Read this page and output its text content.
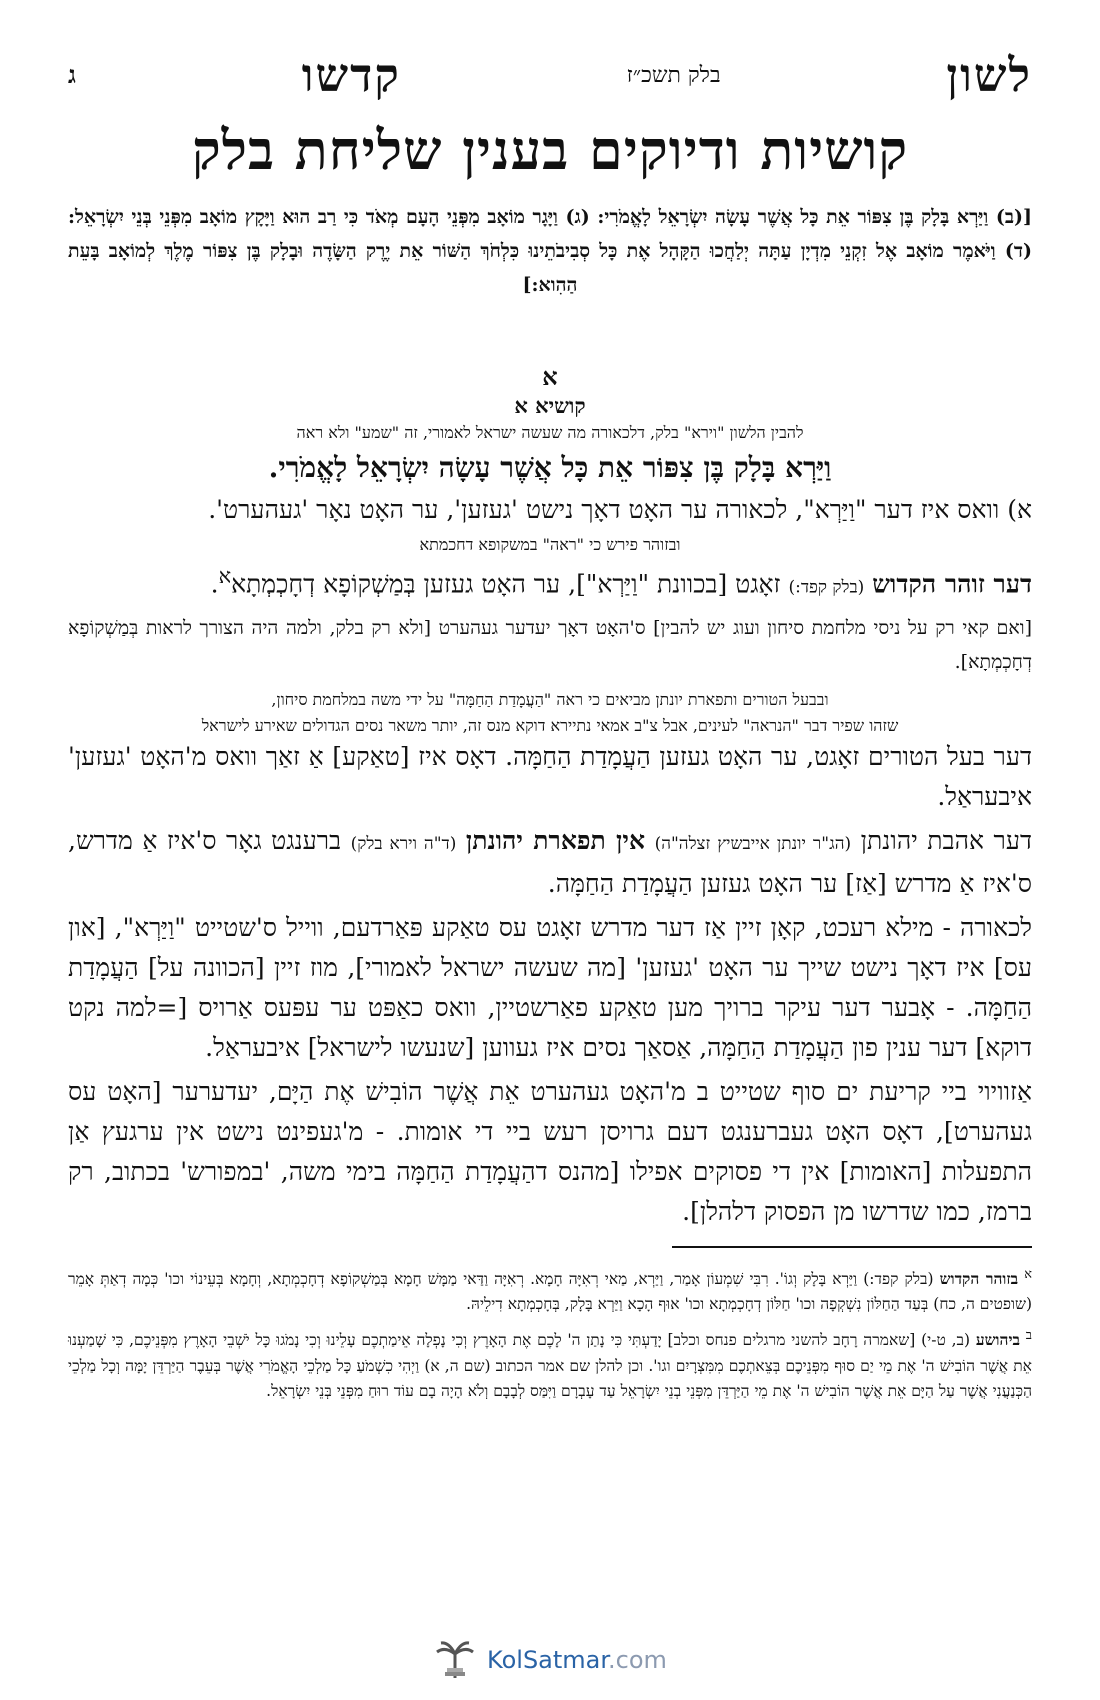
לשון
בלק תשכ״ז
קדשו
ג
קושיות ודיוקים בענין שליחת בלק
[(ב) וַיַּרְא בָּלָק בֶּן צִפּוֹר אֵת כָּל אֲשֶׁר עָשָׂה יִשְׂרָאֵל לָאֱמֹרִי: (ג) וַיָּגָר מוֹאָב מִפְּנֵי הָעָם מְאֹד כִּי רַב הוּא וַיָּקָץ מוֹאָב מִפְּנֵי בְּנֵי יִשְׂרָאֵל: (ד) וַיֹּאמֶר מוֹאָב אֶל זִקְנֵי מִדְיָן עַתָּה יְלַחֲכוּ הַקָּהָל אֶת כָּל סְבִיבֹתֵינוּ כִּלְחֹךְ הַשּׁוֹר אֵת יֶרֶק הַשָּׂדֶה וּבָלָק בֶּן צִפּוֹר מֶלֶךְ לְמוֹאָב בָּעֵת הַהִוא:]
א
קושיא א
להבין הלשון "וירא" בלק, דלכאורה מה שעשה ישראל לאמורי, זה "שמע" ולא ראה
וַיַּרְא בָּלָק בֶּן צִפּוֹר אֵת כָּל אֲשֶׁר עָשָׂה יִשְׂרָאֵל לָאֱמֹרִי.

א) וואס איז דער "וַיַּרְא", לכאורה ער האָט דאָך נישט 'געזען', ער האָט נאָר 'געהערט'.

ובזוהר פירש כי "ראה" במשקופא דחכמתא

דער זוהר הקדוש (בלק קפד:) זאָגט [בכוונת "וַיַּרְא"], ער האָט געזען בְּמַשְׁקוֹפָא דְחָכְמְתָא$^א$.

[ואם קאי רק על ניסי מלחמת סיחון ועוג יש להבין] ס'האָט דאָך יעדער געהערט [ולא רק בלק, ולמה היה הצורך לראות בְּמַשְׁקוֹפָא דְחָכְמְתָא].

ובבעל הטורים ותפארת יונתן מביאים כי ראה "הַעֲמָדַת הַחַמָּה" על ידי משה במלחמת סיחון,
שזהו שפיר דבר "הנראה" לעינים, אבל צ"ב אמאי נתיירא דוקא מנס זה, יותר משאר נסים הגדולים שאירע לישראל

דער בעל הטורים זאָגט, ער האָט געזען הַעֲמָדַת הַחַמָּה. דאָס איז [טאַקע] אַ זאַך וואס מ'האָט 'געזען' איבעראַל.

דער אהבת יהונתן (הג"ר יונתן אייבשיץ זצלה"ה) אין תפארת יהונתן (ד"ה וירא בלק) ברענגט גאָר ס'איז אַ מדרש, ס'איז אַ מדרש [אַז] ער האָט געזען הַעֲמָדַת הַחַמָּה.

לכאורה - מילא רעכט, קאָן זיין אַז דער מדרש זאָגט עס טאַקע פּאַרדעם, ווייל ס'שטייט "וַיַּרְא", [און עס] איז דאָך נישט שייך ער האָט 'געזען' [מה שעשה ישראל לאמורי], מוז זיין [הכוונה על] הַעֲמָדַת הַחַמָּה. - אָבער דער עיקר ברויך מען טאַקע פאַרשטיין, וואס כאַפּט ער עפּעס אַרויס [=למה נקט דוקא] דער ענין פון הַעֲמָדַת הַחַמָּה, אַסאַך נסים איז געווען [שנעשו לישראל] איבעראַל.

אַזוויוי ביי קריעת ים סוף שטייט ב מ'האָט געהערט אֵת אֲשֶׁר הוֹבִישׁ אֶת הַיָּם, יעדערער [האָט עס געהערט], דאָס האָט געברענגט דעם גרויסן רעש ביי די אומות. - מ'געפינט נישט אין ערגעץ אַן התפעלות [האומות] אין די פסוקים אפילו [מהנס דהַעֲמָדַת הַחַמָּה בימי משה, 'במפורש' בכתוב, רק ברמז, כמו שדרשו מן הפסוק דלהלן].

$^א$ בזוהר הקדוש (בלק קפד:) וַיַּרְא בָּלָק וְגוֹ'. רִבִּי שִׁמְעוֹן אָמַר, וַיַּרְא, מַאי רְאִיָּה חָמָא. רְאִיָּה וַדַּאי מַמָּשׁ חָמָא בְּמַשְׁקוֹפָא דְחָכְמְתָא, וְחָמָא בְּעֵינוֹי וכו' כְּמָה דְאַתְּ אָמֵר (שופטים ה, כח) בְּעַד הַחַלּוֹן נִשְׁקְפָה וכו' חַלּוֹן דְחָכְמְתָא וכו' אוּף הָכָא וַיַּרְא בָּלָק, בְּחָכְמְתָא דִילֵיהּ.

$^ב$ ביהושע (ב, ט-י) [שאמרה רָחָב להשני מרגלים פנחס וכלב] יָדַעְתִּי כִּי נָתַן ה' לָכֶם אֶת הָאָרֶץ וְכִי נָפְלָה אֵימַתְכֶם עָלֵינוּ וְכִי נָמֹגוּ כָּל יֹשְׁבֵי הָאָרֶץ מִפְּנֵיכֶם, כִּי שָׁמַעְנוּ אֵת אֲשֶׁר הוֹבִישׁ ה' אֶת מֵי יַם סוּף מִפְּנֵיכֶם בְּצֵאתְכֶם מִמִּצְרָיִם וגו'. וכן להלן שם אמר הכתוב (שם ה, א) וַיְהִי כִשְׁמֹעַ כָּל מַלְכֵי הָאֱמֹרִי אֲשֶׁר בְּעֵבֶר הַיַּרְדֵּן יָמָּה וְכָל מַלְכֵי הַכְּנַעֲנִי אֲשֶׁר עַל הַיָּם אֵת אֲשֶׁר הוֹבִישׁ ה' אֶת מֵי הַיַּרְדֵּן מִפְּנֵי בְנֵי יִשְׂרָאֵל עַד עָבְרָם וַיִּמַּס לְבָבָם וְלֹא הָיָה בָם עוֹד רוּחַ מִפְּנֵי בְּנֵי יִשְׂרָאֵל.

KolSatmar.com
